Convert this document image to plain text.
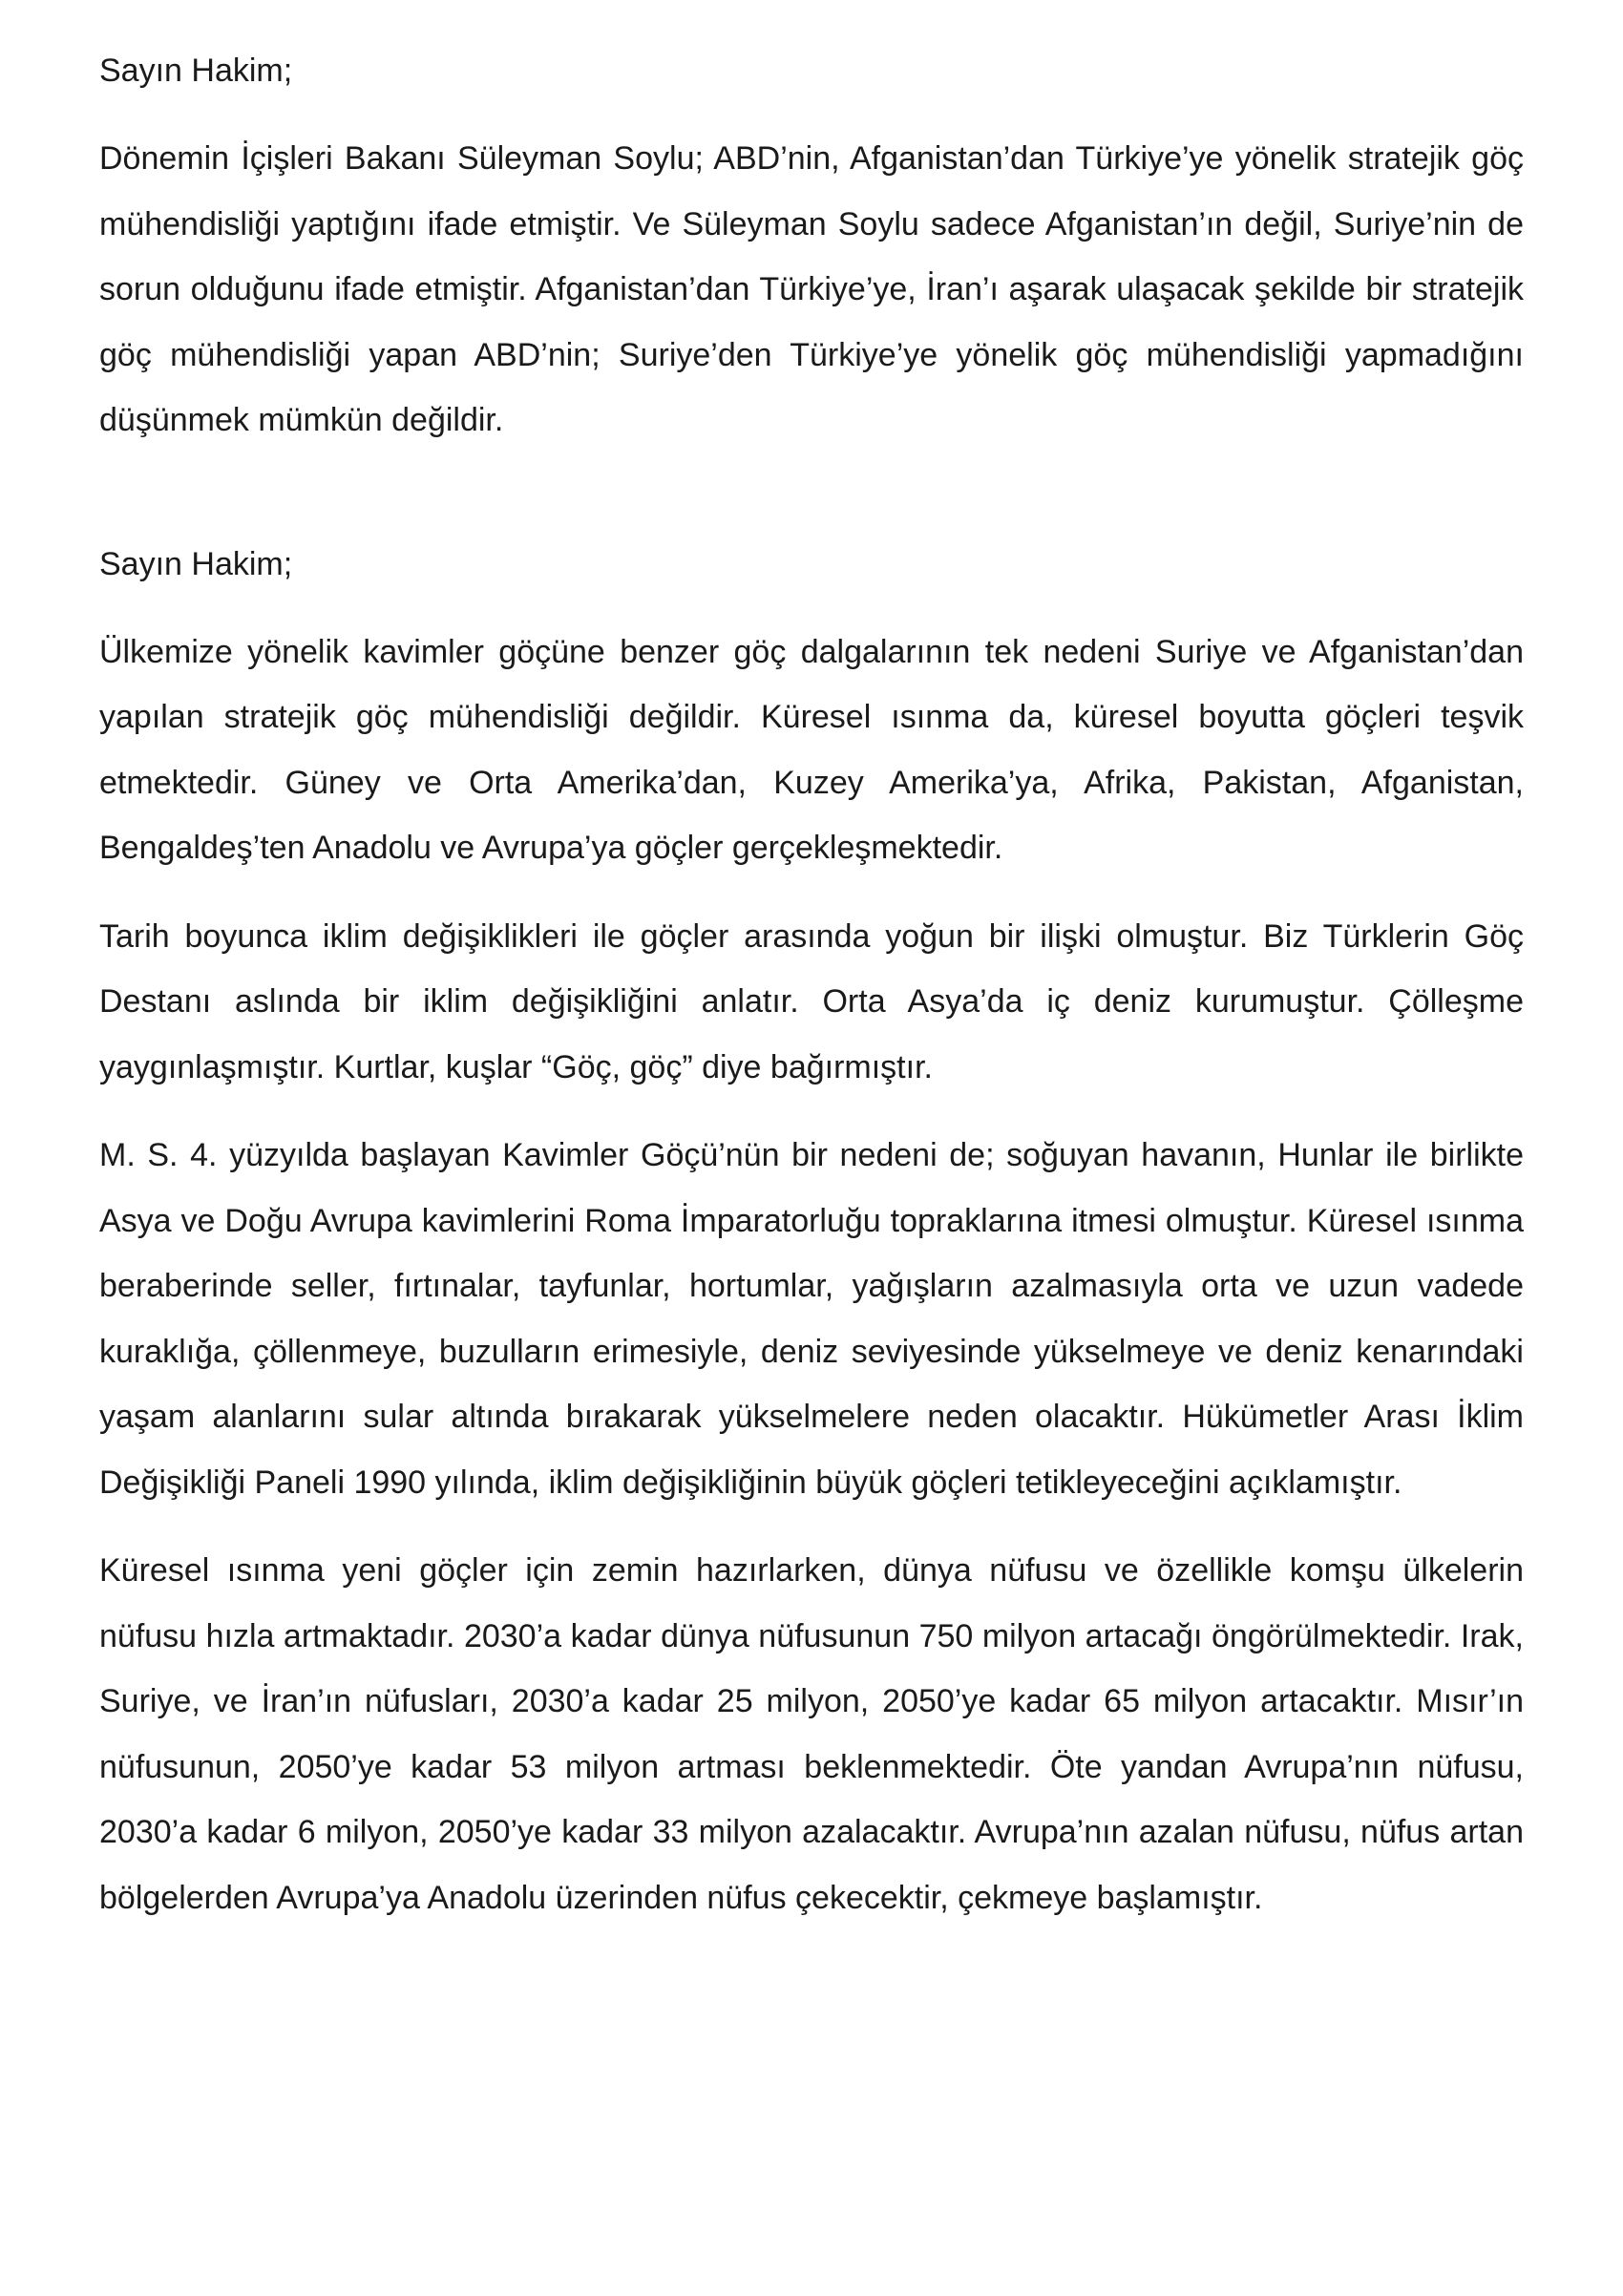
Sayın Hakim;

Dönemin İçişleri Bakanı Süleyman Soylu; ABD’nin, Afganistan’dan Türkiye’ye yönelik stratejik göç mühendisliği yaptığını ifade etmiştir. Ve Süleyman Soylu sadece Afganistan’ın değil, Suriye’nin de sorun olduğunu ifade etmiştir. Afganistan’dan Türkiye’ye, İran’ı aşarak ulaşacak şekilde bir stratejik göç mühendisliği yapan ABD’nin; Suriye’den Türkiye’ye yönelik göç mühendisliği yapmadığını düşünmek mümkün değildir.

Sayın Hakim;

Ülkemize yönelik kavimler göçüne benzer göç dalgalarının tek nedeni Suriye ve Afganistan’dan yapılan stratejik göç mühendisliği değildir. Küresel ısınma da, küresel boyutta göçleri teşvik etmektedir. Güney ve Orta Amerika’dan, Kuzey Amerika’ya, Afrika, Pakistan, Afganistan, Bengaldeş’ten Anadolu ve Avrupa’ya göçler gerçekleşmektedir.

Tarih boyunca iklim değişiklikleri ile göçler arasında yoğun bir ilişki olmuştur. Biz Türklerin Göç Destanı aslında bir iklim değişikliğini anlatır. Orta Asya’da iç deniz kurumuştur. Çölleşme yaygınlaşmıştır. Kurtlar, kuşlar “Göç, göç” diye bağırmıştır.

M. S. 4. yüzyılda başlayan Kavimler Göçü’nün bir nedeni de; soğuyan havanın, Hunlar ile birlikte Asya ve Doğu Avrupa kavimlerini Roma İmparatorluğu topraklarına itmesi olmuştur. Küresel ısınma beraberinde seller, fırtınalar, tayfunlar, hortumlar, yağışların azalmasıyla orta ve uzun vadede kuraklığa, çöllenmeye, buzulların erimesiyle, deniz seviyesinde yükselmeye ve deniz kenarındaki yaşam alanlarını sular altında bırakarak yükselmelere neden olacaktır. Hükümetler Arası İklim Değişikliği Paneli 1990 yılında, iklim değişikliğinin büyük göçleri tetikleyeceğini açıklamıştır.

Küresel ısınma yeni göçler için zemin hazırlarken, dünya nüfusu ve özellikle komşu ülkelerin nüfusu hızla artmaktadır. 2030’a kadar dünya nüfusunun 750 milyon artacağı öngörülmektedir. Irak, Suriye, ve İran’ın nüfusları, 2030’a kadar 25 milyon, 2050’ye kadar 65 milyon artacaktır. Mısır’ın nüfusunun, 2050’ye kadar 53 milyon artması beklenmektedir. Öte yandan Avrupa’nın nüfusu, 2030’a kadar 6 milyon, 2050’ye kadar 33 milyon azalacaktır. Avrupa’nın azalan nüfusu, nüfus artan bölgelerden Avrupa’ya Anadolu üzerinden nüfus çekecektir, çekmeye başlamıştır.
